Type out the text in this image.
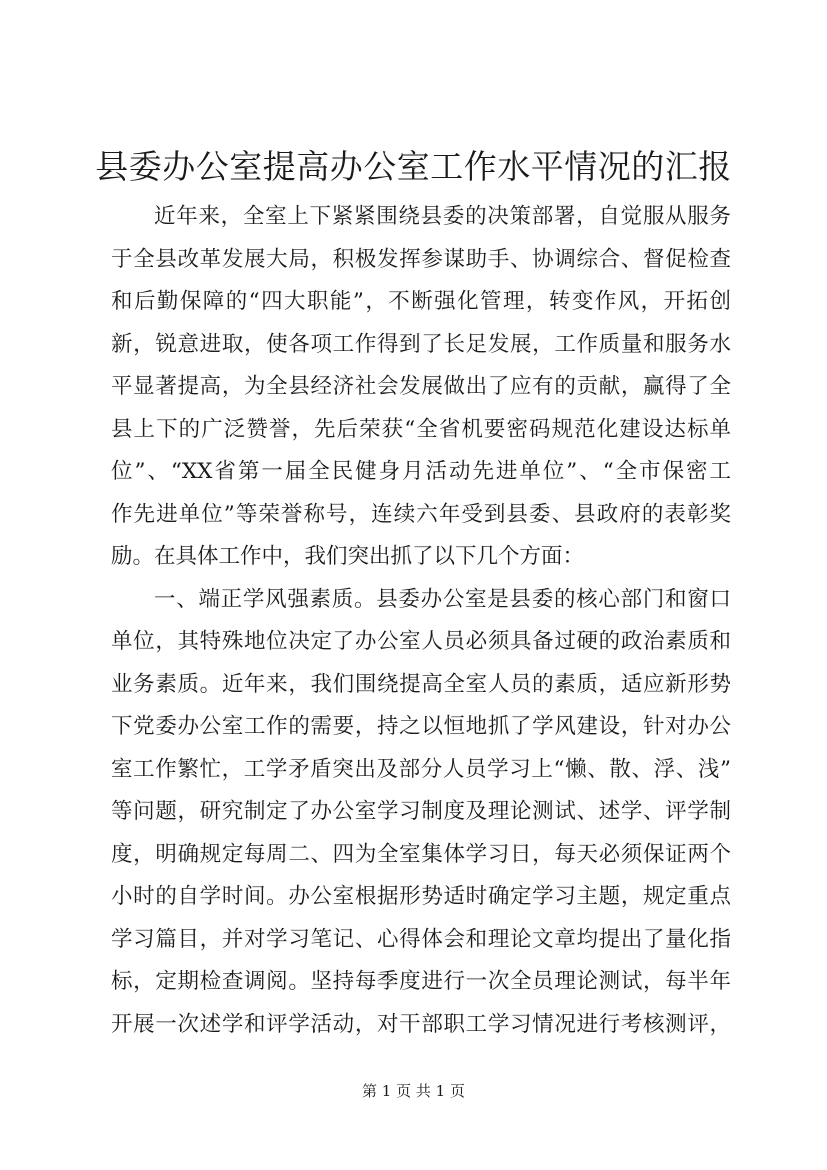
县委办公室提高办公室工作水平情况的汇报
近年来，全室上下紧紧围绕县委的决策部署，自觉服从服务
于全县改革发展大局，积极发挥参谋助手、协调综合、督促检查
和后勤保障的“四大职能”，不断强化管理，转变作风，开拓创
新，锐意进取，使各项工作得到了长足发展，工作质量和服务水
平显著提高，为全县经济社会发展做出了应有的贡献，赢得了全
县上下的广泛赞誉，先后荣获“全省机要密码规范化建设达标单
位”、“XX省第一届全民健身月活动先进单位”、“全市保密工
作先进单位”等荣誉称号，连续六年受到县委、县政府的表彰奖
励。在具体工作中，我们突出抓了以下几个方面：
一、端正学风强素质。县委办公室是县委的核心部门和窗口
单位，其特殊地位决定了办公室人员必须具备过硬的政治素质和
业务素质。近年来，我们围绕提高全室人员的素质，适应新形势
下党委办公室工作的需要，持之以恒地抓了学风建设，针对办公
室工作繁忙，工学矛盾突出及部分人员学习上“懒、散、浮、浅”
等问题，研究制定了办公室学习制度及理论测试、述学、评学制
度，明确规定每周二、四为全室集体学习日，每天必须保证两个
小时的自学时间。办公室根据形势适时确定学习主题，规定重点
学习篇目，并对学习笔记、心得体会和理论文章均提出了量化指
标，定期检查调阅。坚持每季度进行一次全员理论测试，每半年
开展一次述学和评学活动，对干部职工学习情况进行考核测评，
第 1 页 共 1 页
